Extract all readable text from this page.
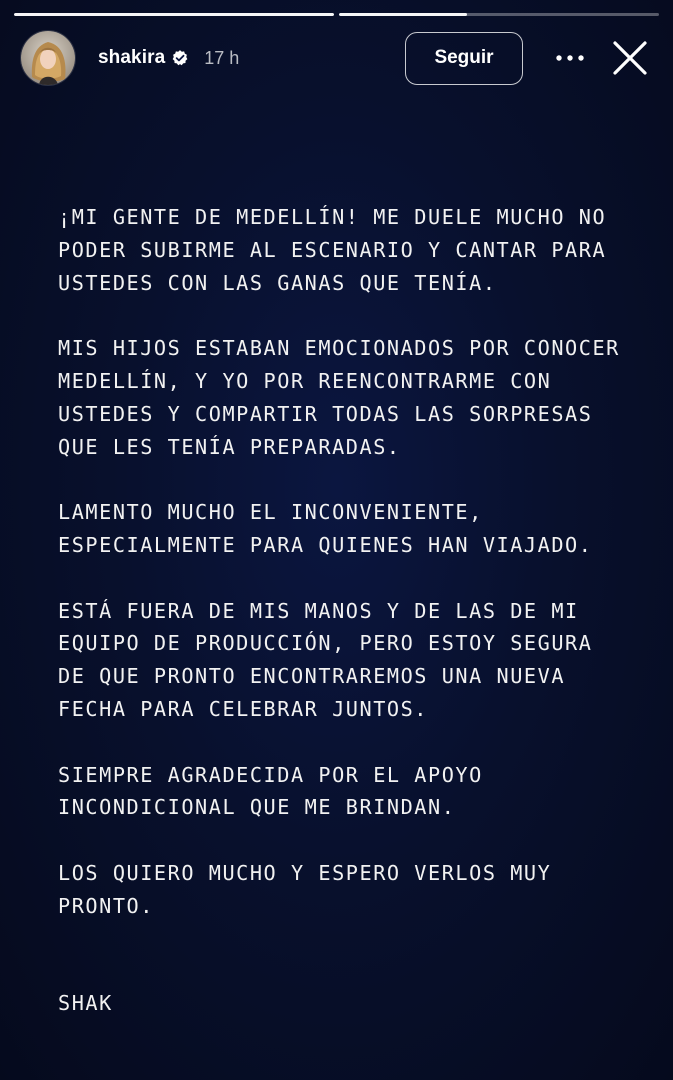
shakira 17 h	Seguir

¡MI GENTE DE MEDELLÍN! ME DUELE MUCHO NO PODER SUBIRME AL ESCENARIO Y CANTAR PARA USTEDES CON LAS GANAS QUE TENÍA.

MIS HIJOS ESTABAN EMOCIONADOS POR CONOCER MEDELLÍN, Y YO POR REENCONTRARME CON USTEDES Y COMPARTIR TODAS LAS SORPRESAS QUE LES TENÍA PREPARADAS.

LAMENTO MUCHO EL INCONVENIENTE, ESPECIALMENTE PARA QUIENES HAN VIAJADO.

ESTÁ FUERA DE MIS MANOS Y DE LAS DE MI EQUIPO DE PRODUCCIÓN, PERO ESTOY SEGURA DE QUE PRONTO ENCONTRAREMOS UNA NUEVA FECHA PARA CELEBRAR JUNTOS.

SIEMPRE AGRADECIDA POR EL APOYO INCONDICIONAL QUE ME BRINDAN.

LOS QUIERO MUCHO Y ESPERO VERLOS MUY PRONTO.

SHAK
